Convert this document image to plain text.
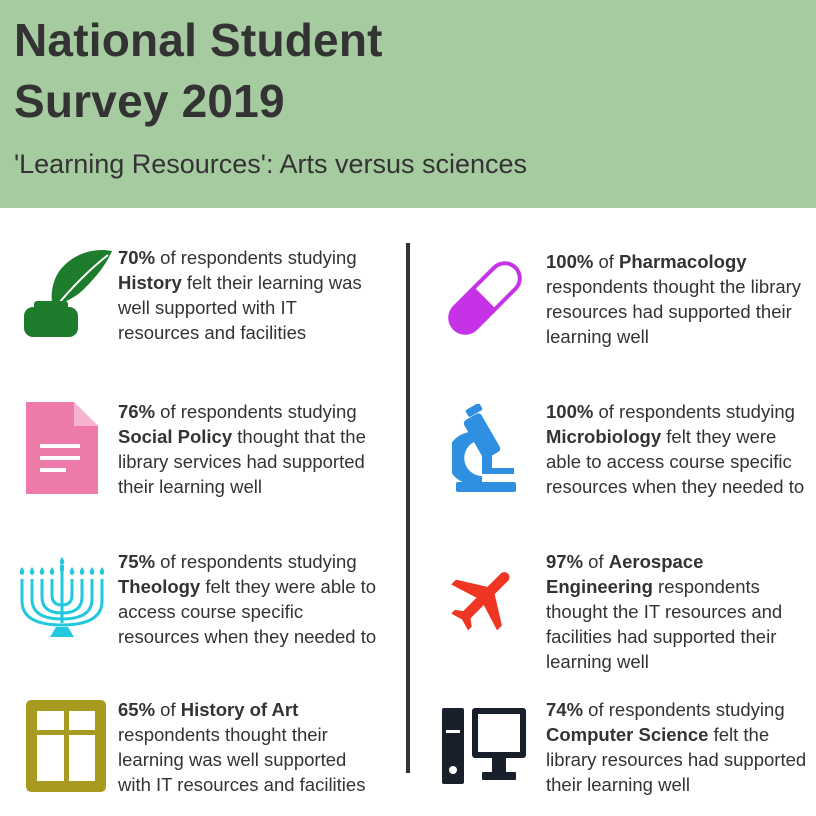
National Student
Survey 2019

'Learning Resources': Arts versus sciences

70% of respondents studying History felt their learning was well supported with IT resources and facilities
76% of respondents studying Social Policy thought that the library services had supported their learning well
75% of respondents studying Theology felt they were able to access course specific resources when they needed to
65% of History of Art respondents thought their learning was well supported with IT resources and facilities
100% of Pharmacology respondents thought the library resources had supported their learning well
100% of respondents studying Microbiology felt they were able to access course specific resources when they needed to
97% of Aerospace Engineering respondents thought the IT resources and facilities had supported their learning well
74% of respondents studying Computer Science felt the library resources had supported their learning well
